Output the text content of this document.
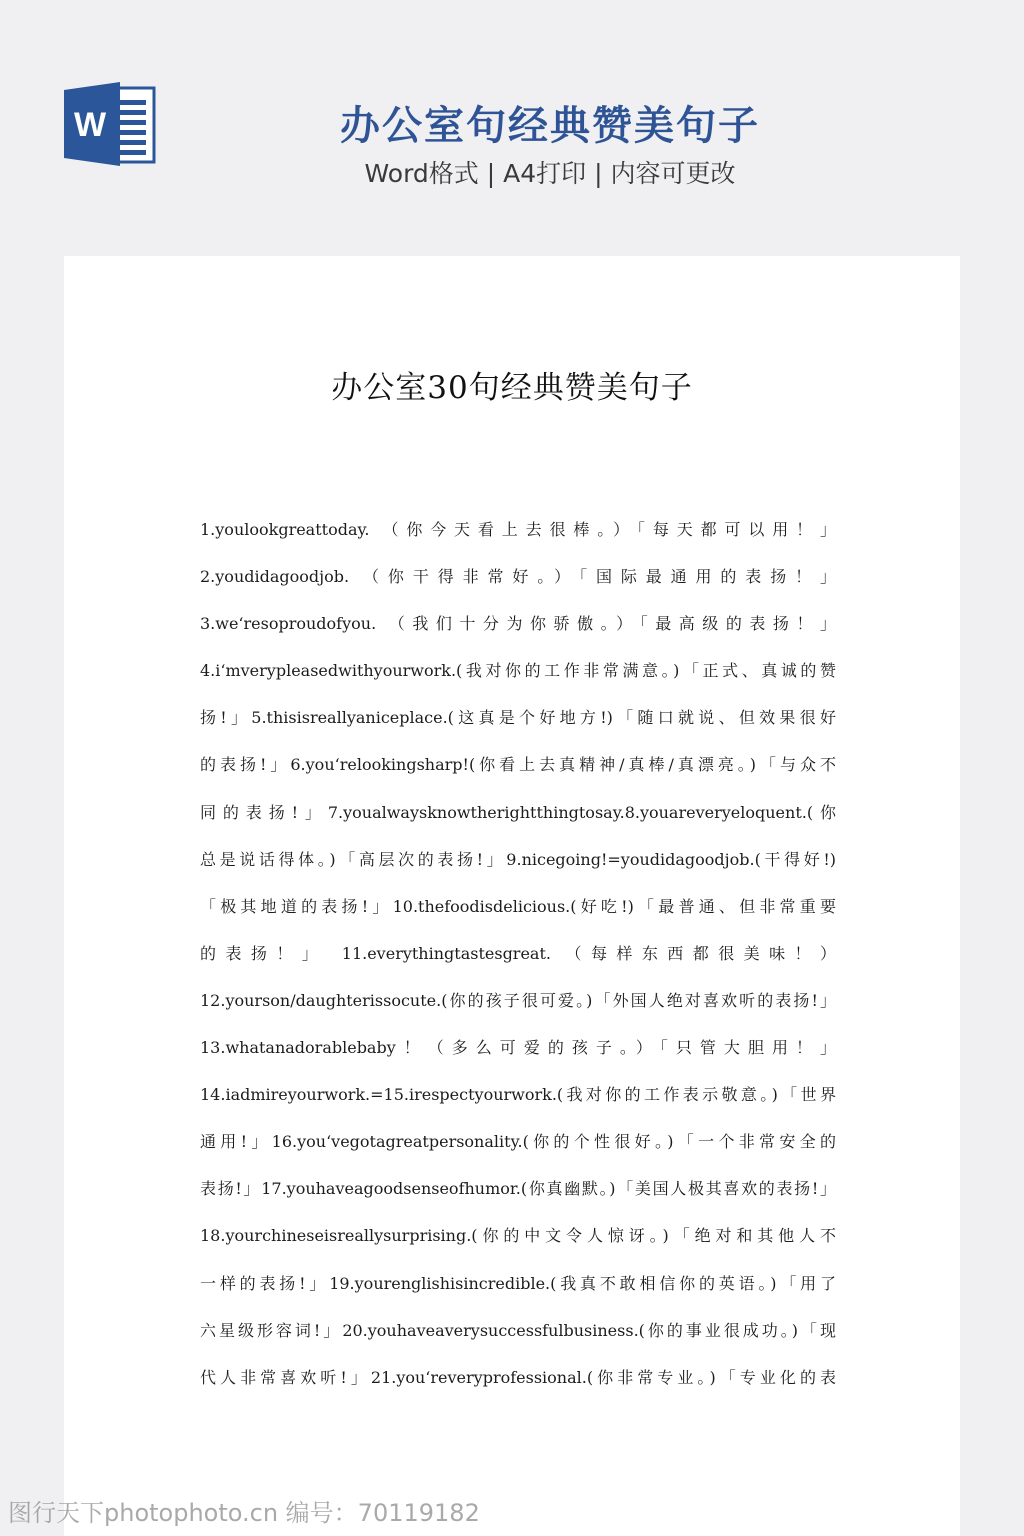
W	办公室句经典赞美句子
Word格式 | A4打印 | 内容可更改
办公室30句经典赞美句子
1.youlookgreattoday. （你今天看上去很棒。）「每天都可以用！」
2.youdidagoodjob. （你干得非常好。）「国际最通用的表扬！」
3.we‘resoproudofyou. （我们十分为你骄傲。）「最高级的表扬！」
4.i‘mverypleasedwithyourwork.(我对你的工作非常满意。)「正式、真诚的赞
扬!」5.thisisreallyaniceplace.(这真是个好地方!)「随口就说、但效果很好
的表扬!」6.you‘relookingsharp!(你看上去真精神/真棒/真漂亮。)「与众不
同的表扬!」7.youalwaysknowtherightthingtosay.8.youareveryeloquent.(你
总是说话得体。)「高层次的表扬!」9.nicegoing!=youdidagoodjob.(干得好!)
「极其地道的表扬!」10.thefoodisdelicious.(好吃!)「最普通、但非常重要
的表扬！」 11.everythingtastesgreat. （每样东西都很美味！）
12.yourson/daughterissocute.(你的孩子很可爱。)「外国人绝对喜欢听的表扬!」
13.whatanadorablebaby！（多么可爱的孩子。）「只管大胆用！」
14.iadmireyourwork.=15.irespectyourwork.(我对你的工作表示敬意。)「世界
通用!」16.you‘vegotagreatpersonality.(你的个性很好。)「一个非常安全的
表扬!」17.youhaveagoodsenseofhumor.(你真幽默。)「美国人极其喜欢的表扬!」
18.yourchineseisreallysurprising.(你的中文令人惊讶。)「绝对和其他人不
一样的表扬!」19.yourenglishisincredible.(我真不敢相信你的英语。)「用了
六星级形容词!」20.youhaveaverysuccessfulbusiness.(你的事业很成功。)「现
代人非常喜欢听!」21.you‘reveryprofessional.(你非常专业。)「专业化的表
图行天下photophoto.cn 编号：70119182
